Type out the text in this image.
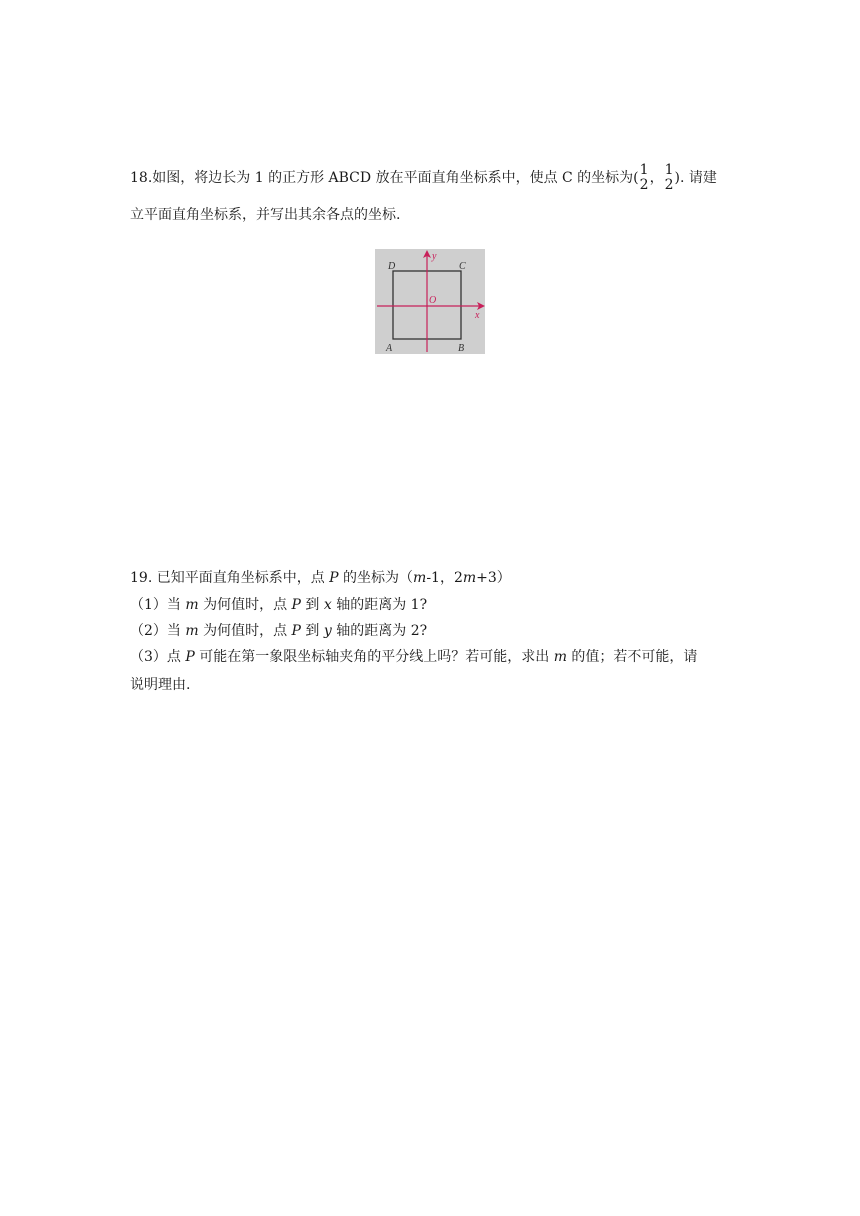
18.如图，将边长为 1 的正方形 ABCD 放在平面直角坐标系中，使点 C 的坐标为( 1
2 ， 1
2 ). 请建
立平面直角坐标系，并写出其余各点的坐标.
D	C
A	B
O
x
y
19. 已知平面直角坐标系中，点 P 的坐标为（m-1，2m+3）
（1）当 m 为何值时，点 P 到 x 轴的距离为 1?
（2）当 m 为何值时，点 P 到 y 轴的距离为 2?
（3）点 P 可能在第一象限坐标轴夹角的平分线上吗？若可能，求出 m 的值；若不可能，请
说明理由.
